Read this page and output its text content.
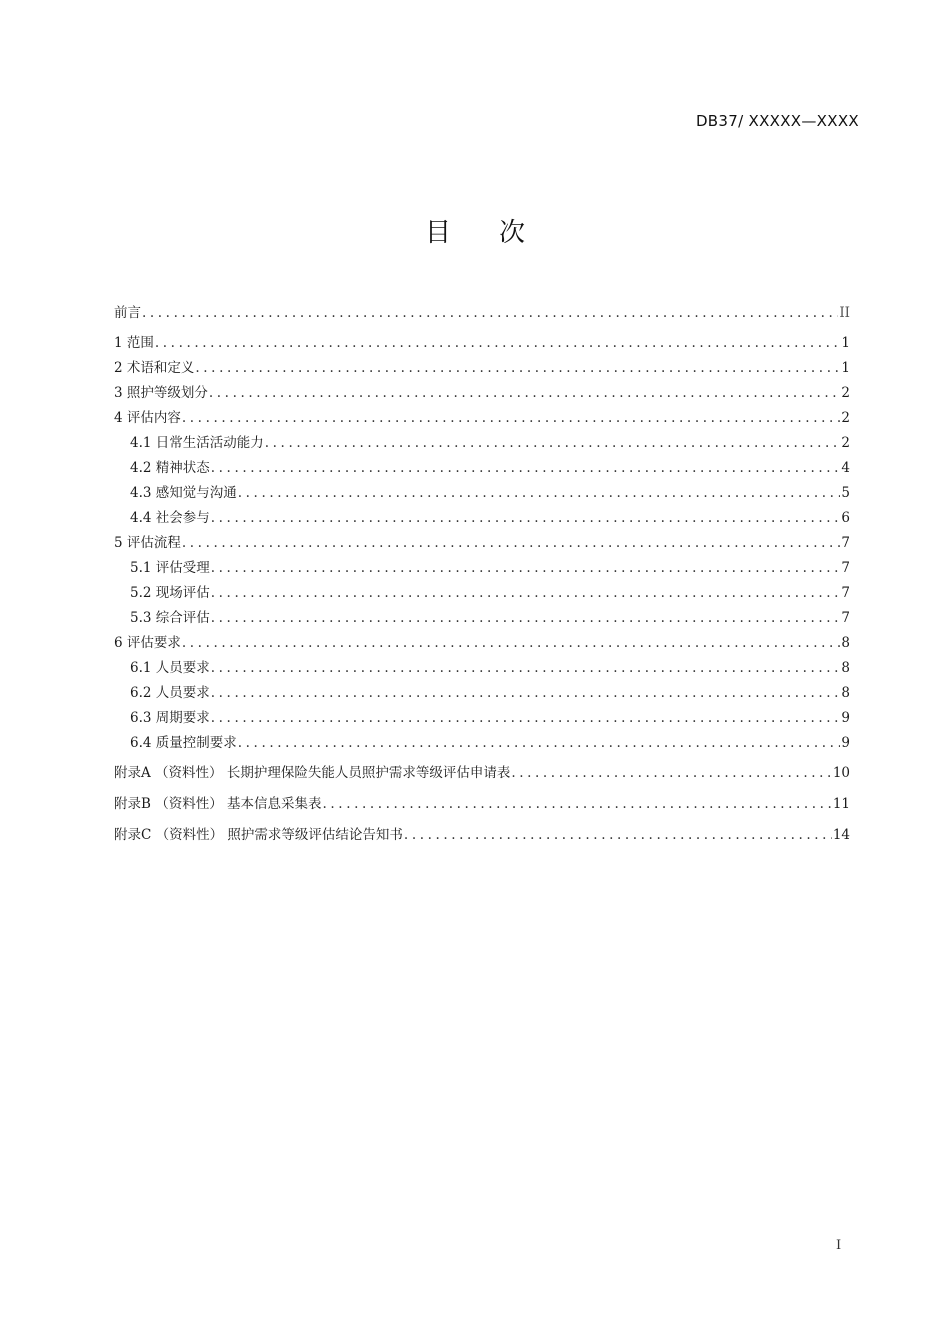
DB37/ XXXXX—XXXX
目 次
前言 .....	II
1 范围 .....	1
2 术语和定义 .....	1
3 照护等级划分 .....	2
4 评估内容 .....	2
4.1 日常生活活动能力 .....	2
4.2 精神状态 .....	4
4.3 感知觉与沟通 .....	5
4.4 社会参与 .....	6
5 评估流程 .....	7
5.1 评估受理 .....	7
5.2 现场评估 .....	7
5.3 综合评估 .....	7
6 评估要求 .....	8
6.1 人员要求 .....	8
6.2 人员要求 .....	8
6.3 周期要求 .....	9
6.4 质量控制要求 .....	9
附录A （资料性） 长期护理保险失能人员照护需求等级评估申请表 .....	10
附录B （资料性） 基本信息采集表 .....	11
附录C （资料性） 照护需求等级评估结论告知书 .....	14
I
